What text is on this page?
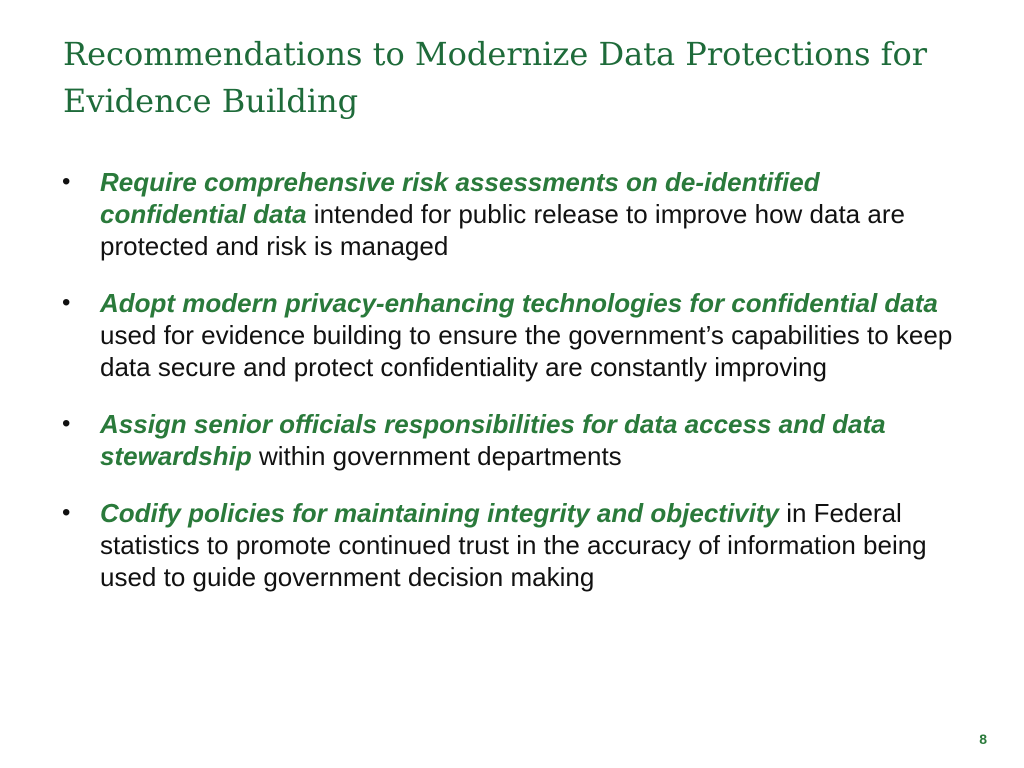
Recommendations to Modernize Data Protections for Evidence Building
• Require comprehensive risk assessments on de-identified confidential data intended for public release to improve how data are protected and risk is managed
• Adopt modern privacy-enhancing technologies for confidential data used for evidence building to ensure the government’s capabilities to keep data secure and protect confidentiality are constantly improving
• Assign senior officials responsibilities for data access and data stewardship within government departments
• Codify policies for maintaining integrity and objectivity in Federal statistics to promote continued trust in the accuracy of information being used to guide government decision making
8
